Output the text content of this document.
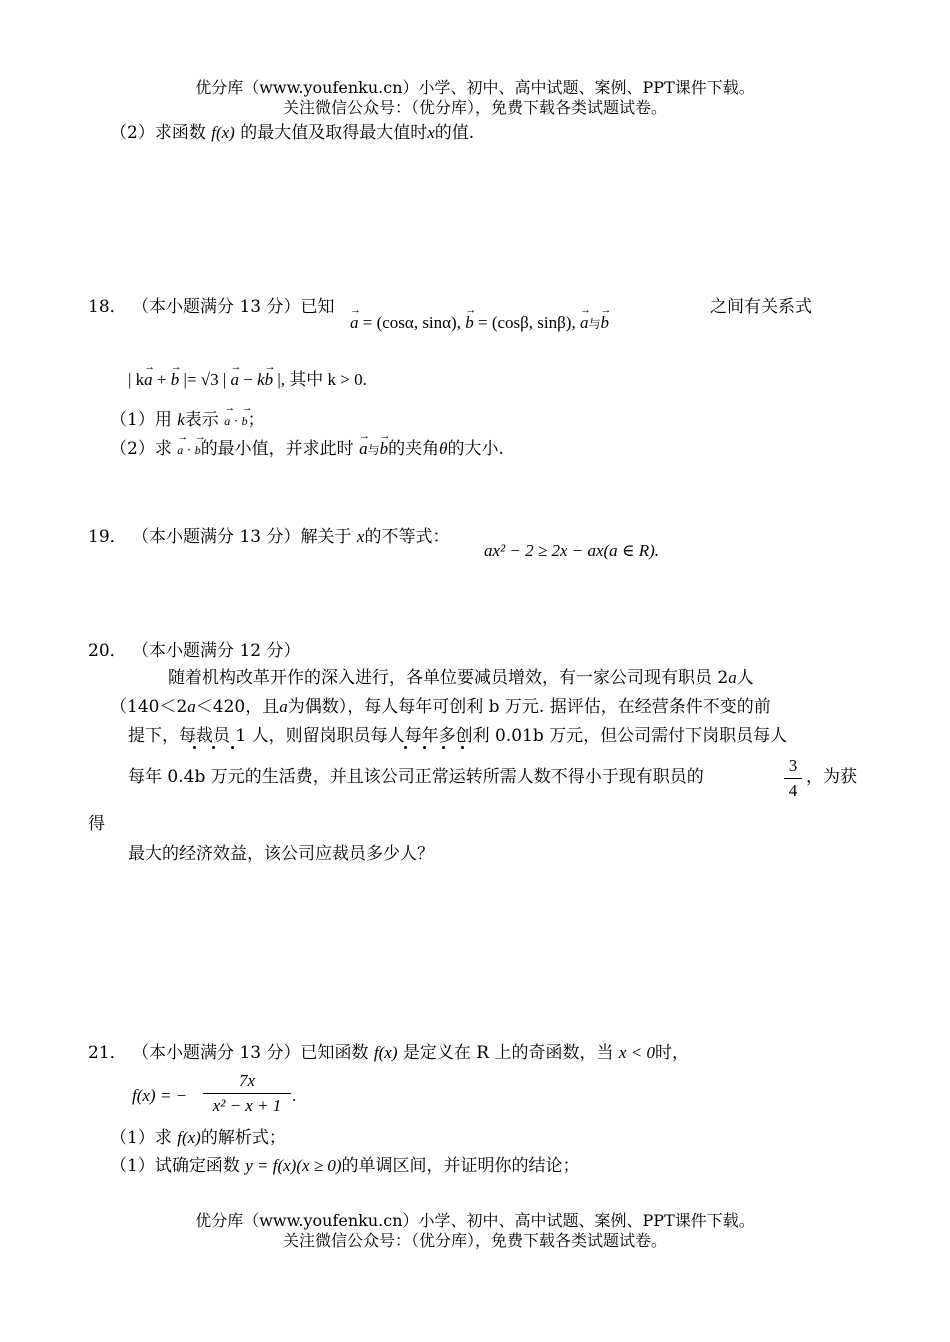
优分库（www.youfenku.cn）小学、初中、高中试题、案例、PPT课件下载。
关注微信公众号：（优分库），免费下载各类试题试卷。
（2）求函数 f(x) 的最大值及取得最大值时x的值.
18． （本小题满分 13 分）已知
→ a = (cosα, sinα), → b = (cosβ, sinβ), → a与→ b
之间有关系式
| k→ a + → b |= √3 | → a − k→ b |, 其中 k > 0.
（1）用 k表示 → a · → b；
（2）求 → a · → b的最小值，并求此时 → a与→ b的夹角θ的大小.
19． （本小题满分 13 分）解关于 x的不等式：
ax² − 2 ≥ 2x − ax(a ∈ R).
20． （本小题满分 12 分）
随着机构改革开作的深入进行，各单位要减员增效，有一家公司现有职员 2a人
（140＜2a＜420，且a为偶数），每人每年可创利 b 万元. 据评估，在经营条件不变的前
提下，每裁员 1 人，则留岗职员每人每年多创利 0.01b 万元，但公司需付下岗职员每人
每年 0.4b 万元的生活费，并且该公司正常运转所需人数不得小于现有职员的
3
4
，为获
得
最大的经济效益，该公司应裁员多少人？
21． （本小题满分 13 分）已知函数 f(x) 是定义在 R 上的奇函数，当 x < 0时，
f(x) = −
7x
x² − x + 1
.
（1）求 f(x)的解析式；
（1）试确定函数 y = f(x)(x ≥ 0)的单调区间，并证明你的结论；
优分库（www.youfenku.cn）小学、初中、高中试题、案例、PPT课件下载。
关注微信公众号：（优分库），免费下载各类试题试卷。
